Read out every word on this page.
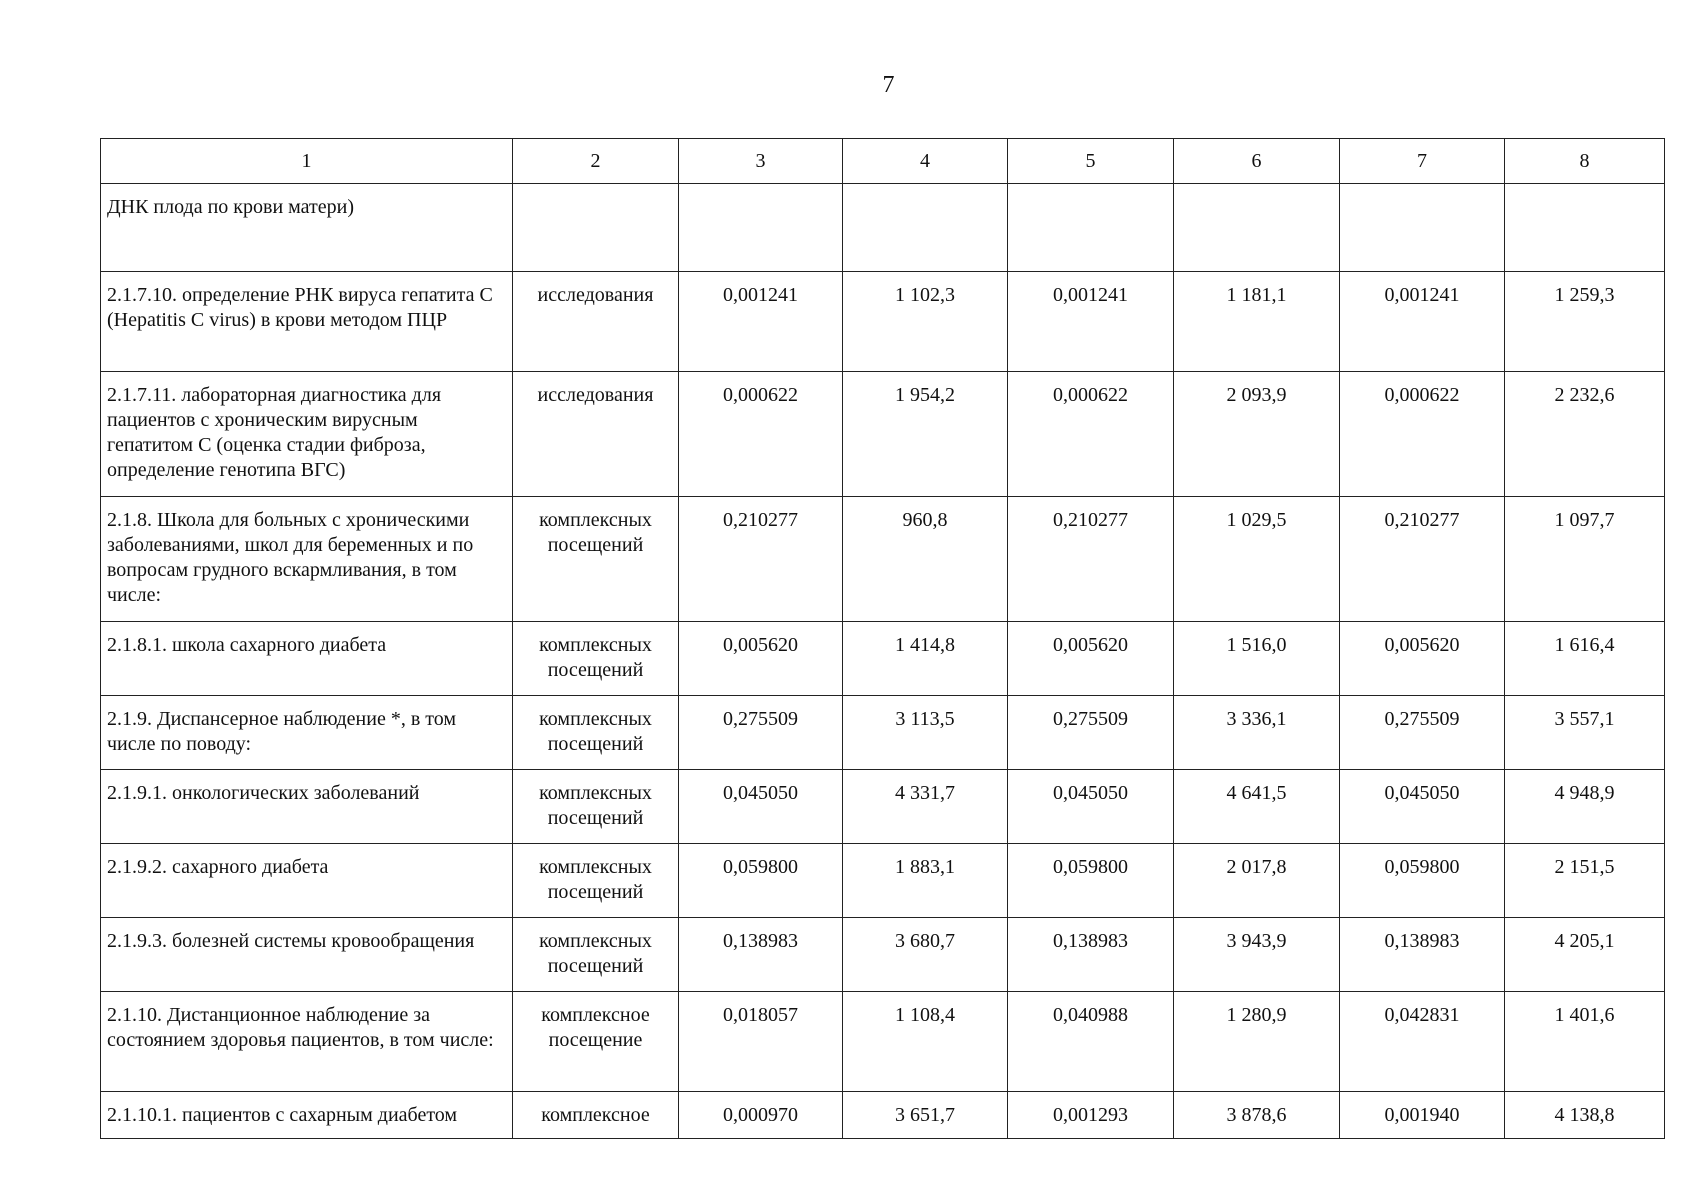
7
1	2	3	4	5	6	7	8
ДНК плода по крови матери)							
2.1.7.10. определение РНК вируса гепатита С (Hepatitis C virus) в крови методом ПЦР	исследования	0,001241	1 102,3	0,001241	1 181,1	0,001241	1 259,3
2.1.7.11. лабораторная диагностика для пациентов с хроническим вирусным гепатитом С (оценка стадии фиброза, определение генотипа ВГС)	исследования	0,000622	1 954,2	0,000622	2 093,9	0,000622	2 232,6
2.1.8. Школа для больных с хроническими заболеваниями, школ для беременных и по вопросам грудного вскармливания, в том числе:	комплексных посещений	0,210277	960,8	0,210277	1 029,5	0,210277	1 097,7
2.1.8.1. школа сахарного диабета	комплексных посещений	0,005620	1 414,8	0,005620	1 516,0	0,005620	1 616,4
2.1.9. Диспансерное наблюдение *, в том числе по поводу:	комплексных посещений	0,275509	3 113,5	0,275509	3 336,1	0,275509	3 557,1
2.1.9.1. онкологических заболеваний	комплексных посещений	0,045050	4 331,7	0,045050	4 641,5	0,045050	4 948,9
2.1.9.2. сахарного диабета	комплексных посещений	0,059800	1 883,1	0,059800	2 017,8	0,059800	2 151,5
2.1.9.3. болезней системы кровообращения	комплексных посещений	0,138983	3 680,7	0,138983	3 943,9	0,138983	4 205,1
2.1.10. Дистанционное наблюдение за состоянием здоровья пациентов, в том числе:	комплексное посещение	0,018057	1 108,4	0,040988	1 280,9	0,042831	1 401,6
2.1.10.1. пациентов с сахарным диабетом	комплексное	0,000970	3 651,7	0,001293	3 878,6	0,001940	4 138,8
